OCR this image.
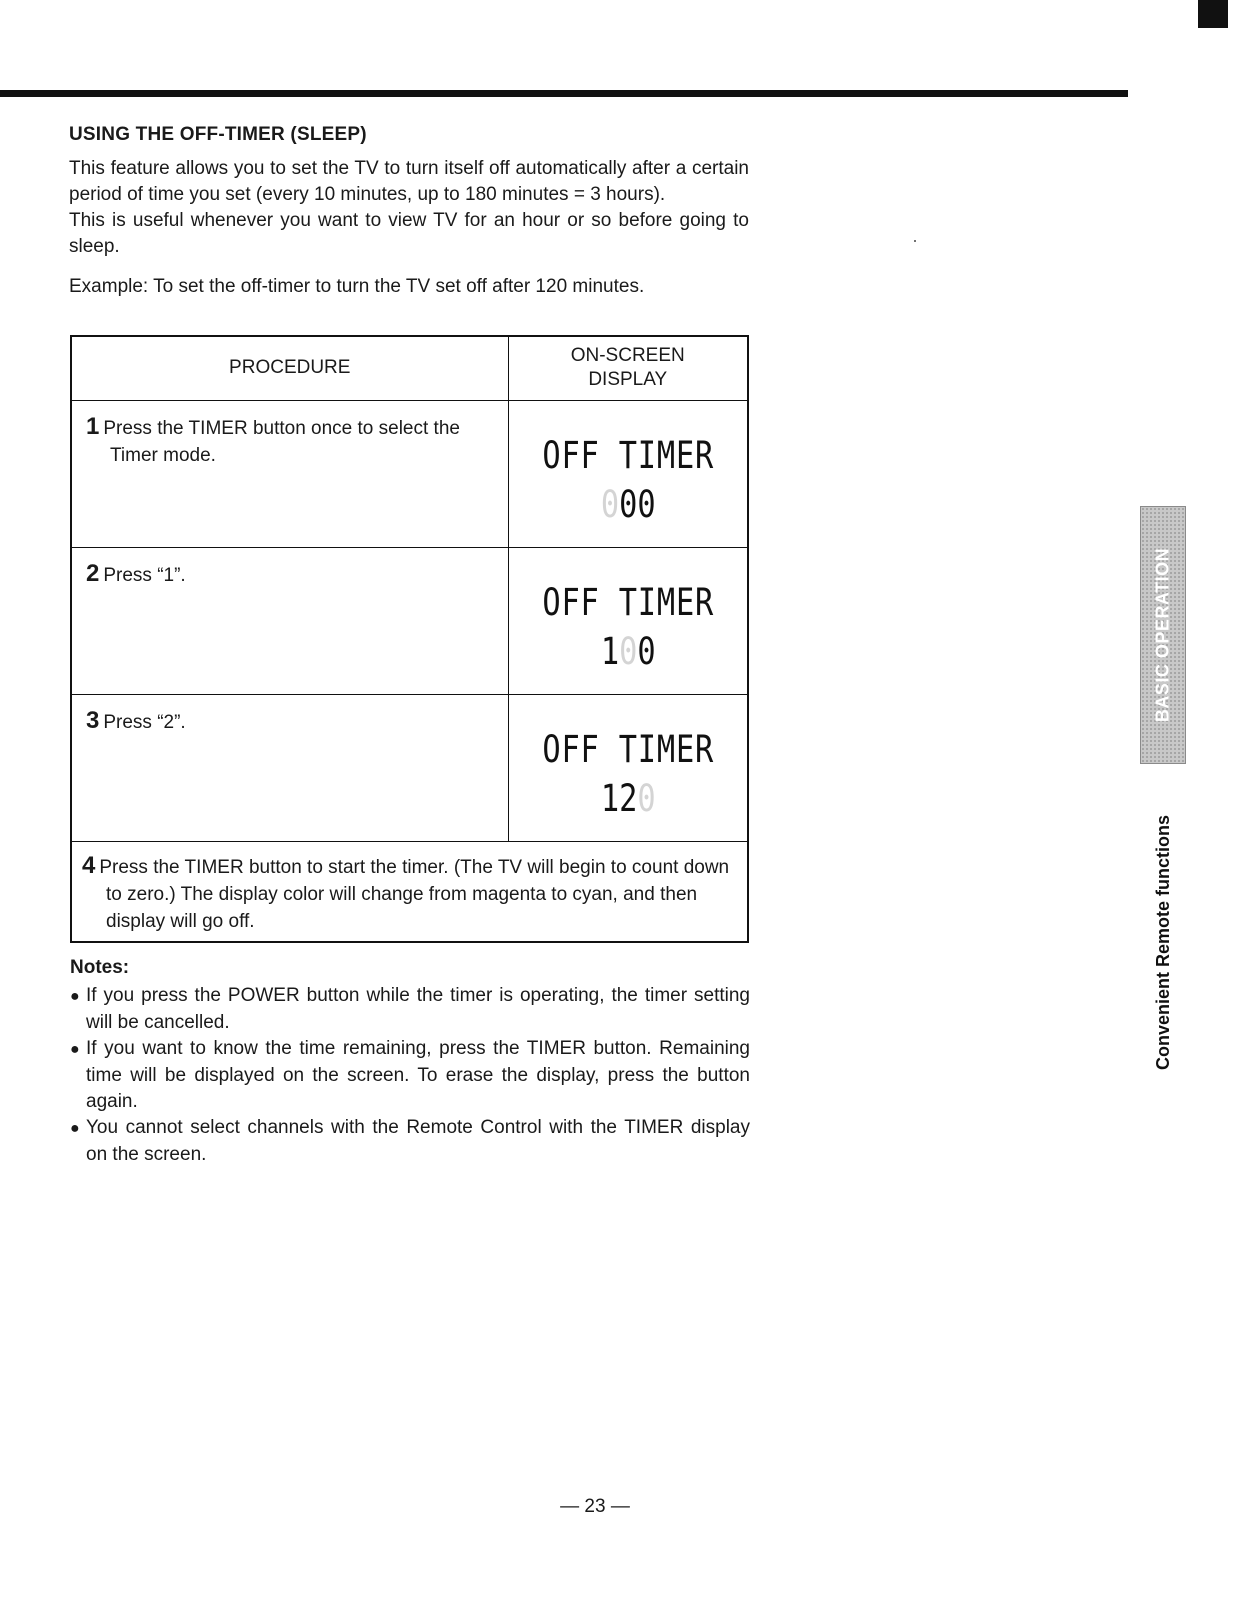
USING THE OFF-TIMER (SLEEP)

This feature allows you to set the TV to turn itself off automatically after a certain period of time you set (every 10 minutes, up to 180 minutes = 3 hours).

This is useful whenever you want to view TV for an hour or so before going to sleep.

Example: To set the off-timer to turn the TV set off after 120 minutes.

PROCEDURE	ON-SCREEN
DISPLAY

1 Press the TIMER button once to select the Timer mode.	OFF TIMER
000

2 Press “1”.	OFF TIMER
100

3 Press “2”.	OFF TIMER
120

4 Press the TIMER button to start the timer. (The TV will begin to count down to zero.) The display color will change from magenta to cyan, and then display will go off.	
Notes:

● If you press the POWER button while the timer is operating, the timer setting will be cancelled.

● If you want to know the time remaining, press the TIMER button. Remaining time will be displayed on the screen. To erase the display, press the button again.

● You cannot select channels with the Remote Control with the TIMER display on the screen.

BASIC OPERATION
Convenient Remote functions
— 23 —
